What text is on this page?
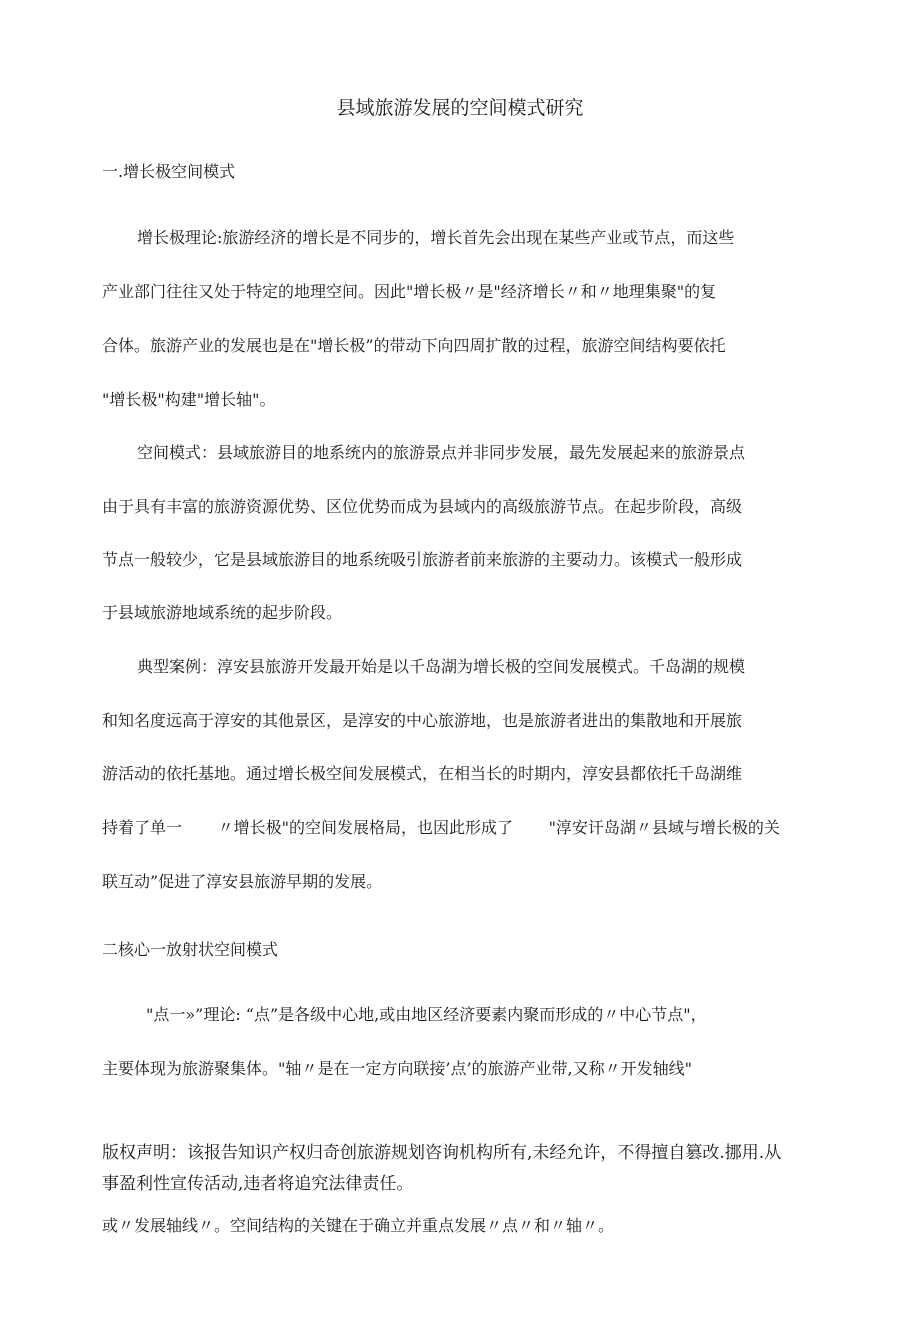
县域旅游发展的空间模式研究
一.增长极空间模式
增长极理论:旅游经济的增长是不同步的，增长首先会出现在某些产业或节点，而这些
产业部门往往又处于特定的地理空间。因此"增长极〃是"经济增长〃和〃地理集聚"的复
合体。旅游产业的发展也是在"增长极”的带动下向四周扩散的过程，旅游空间结构要依托
"增长极"构建"增长轴"。
空间模式：县域旅游目的地系统内的旅游景点并非同步发展，最先发展起来的旅游景点
由于具有丰富的旅游资源优势、区位优势而成为县域内的高级旅游节点。在起步阶段，高级
节点一般较少，它是县域旅游目的地系统吸引旅游者前来旅游的主要动力。该模式一般形成
于县域旅游地域系统的起步阶段。
典型案例：淳安县旅游开发最开始是以千岛湖为增长极的空间发展模式。千岛湖的规模
和知名度远高于淳安的其他景区，是淳安的中心旅游地，也是旅游者进出的集散地和开展旅
游活动的依托基地。通过增长极空间发展模式，在相当长的时期内，淳安县都依托千岛湖维
持着了单一       〃增长极"的空间发展格局，也因此形成了       "淳安讦岛湖〃县域与增长极的关
联互动”促进了淳安县旅游早期的发展。
二核心一放射状空间模式
"点一»”理论: “点”是各级中心地,或由地区经济要素内聚而形成的〃中心节点"，
主要体现为旅游聚集体。"轴〃是在一定方向联接’点’的旅游产业带,又称〃开发轴线"
版权声明：该报告知识产权归奇创旅游规划咨询机构所有,未经允许，不得擅自篡改.挪用.从
事盈利性宣传活动,违者将追究法律责任。
或〃发展轴线〃。空间结构的关键在于确立并重点发展〃点〃和〃轴〃。
